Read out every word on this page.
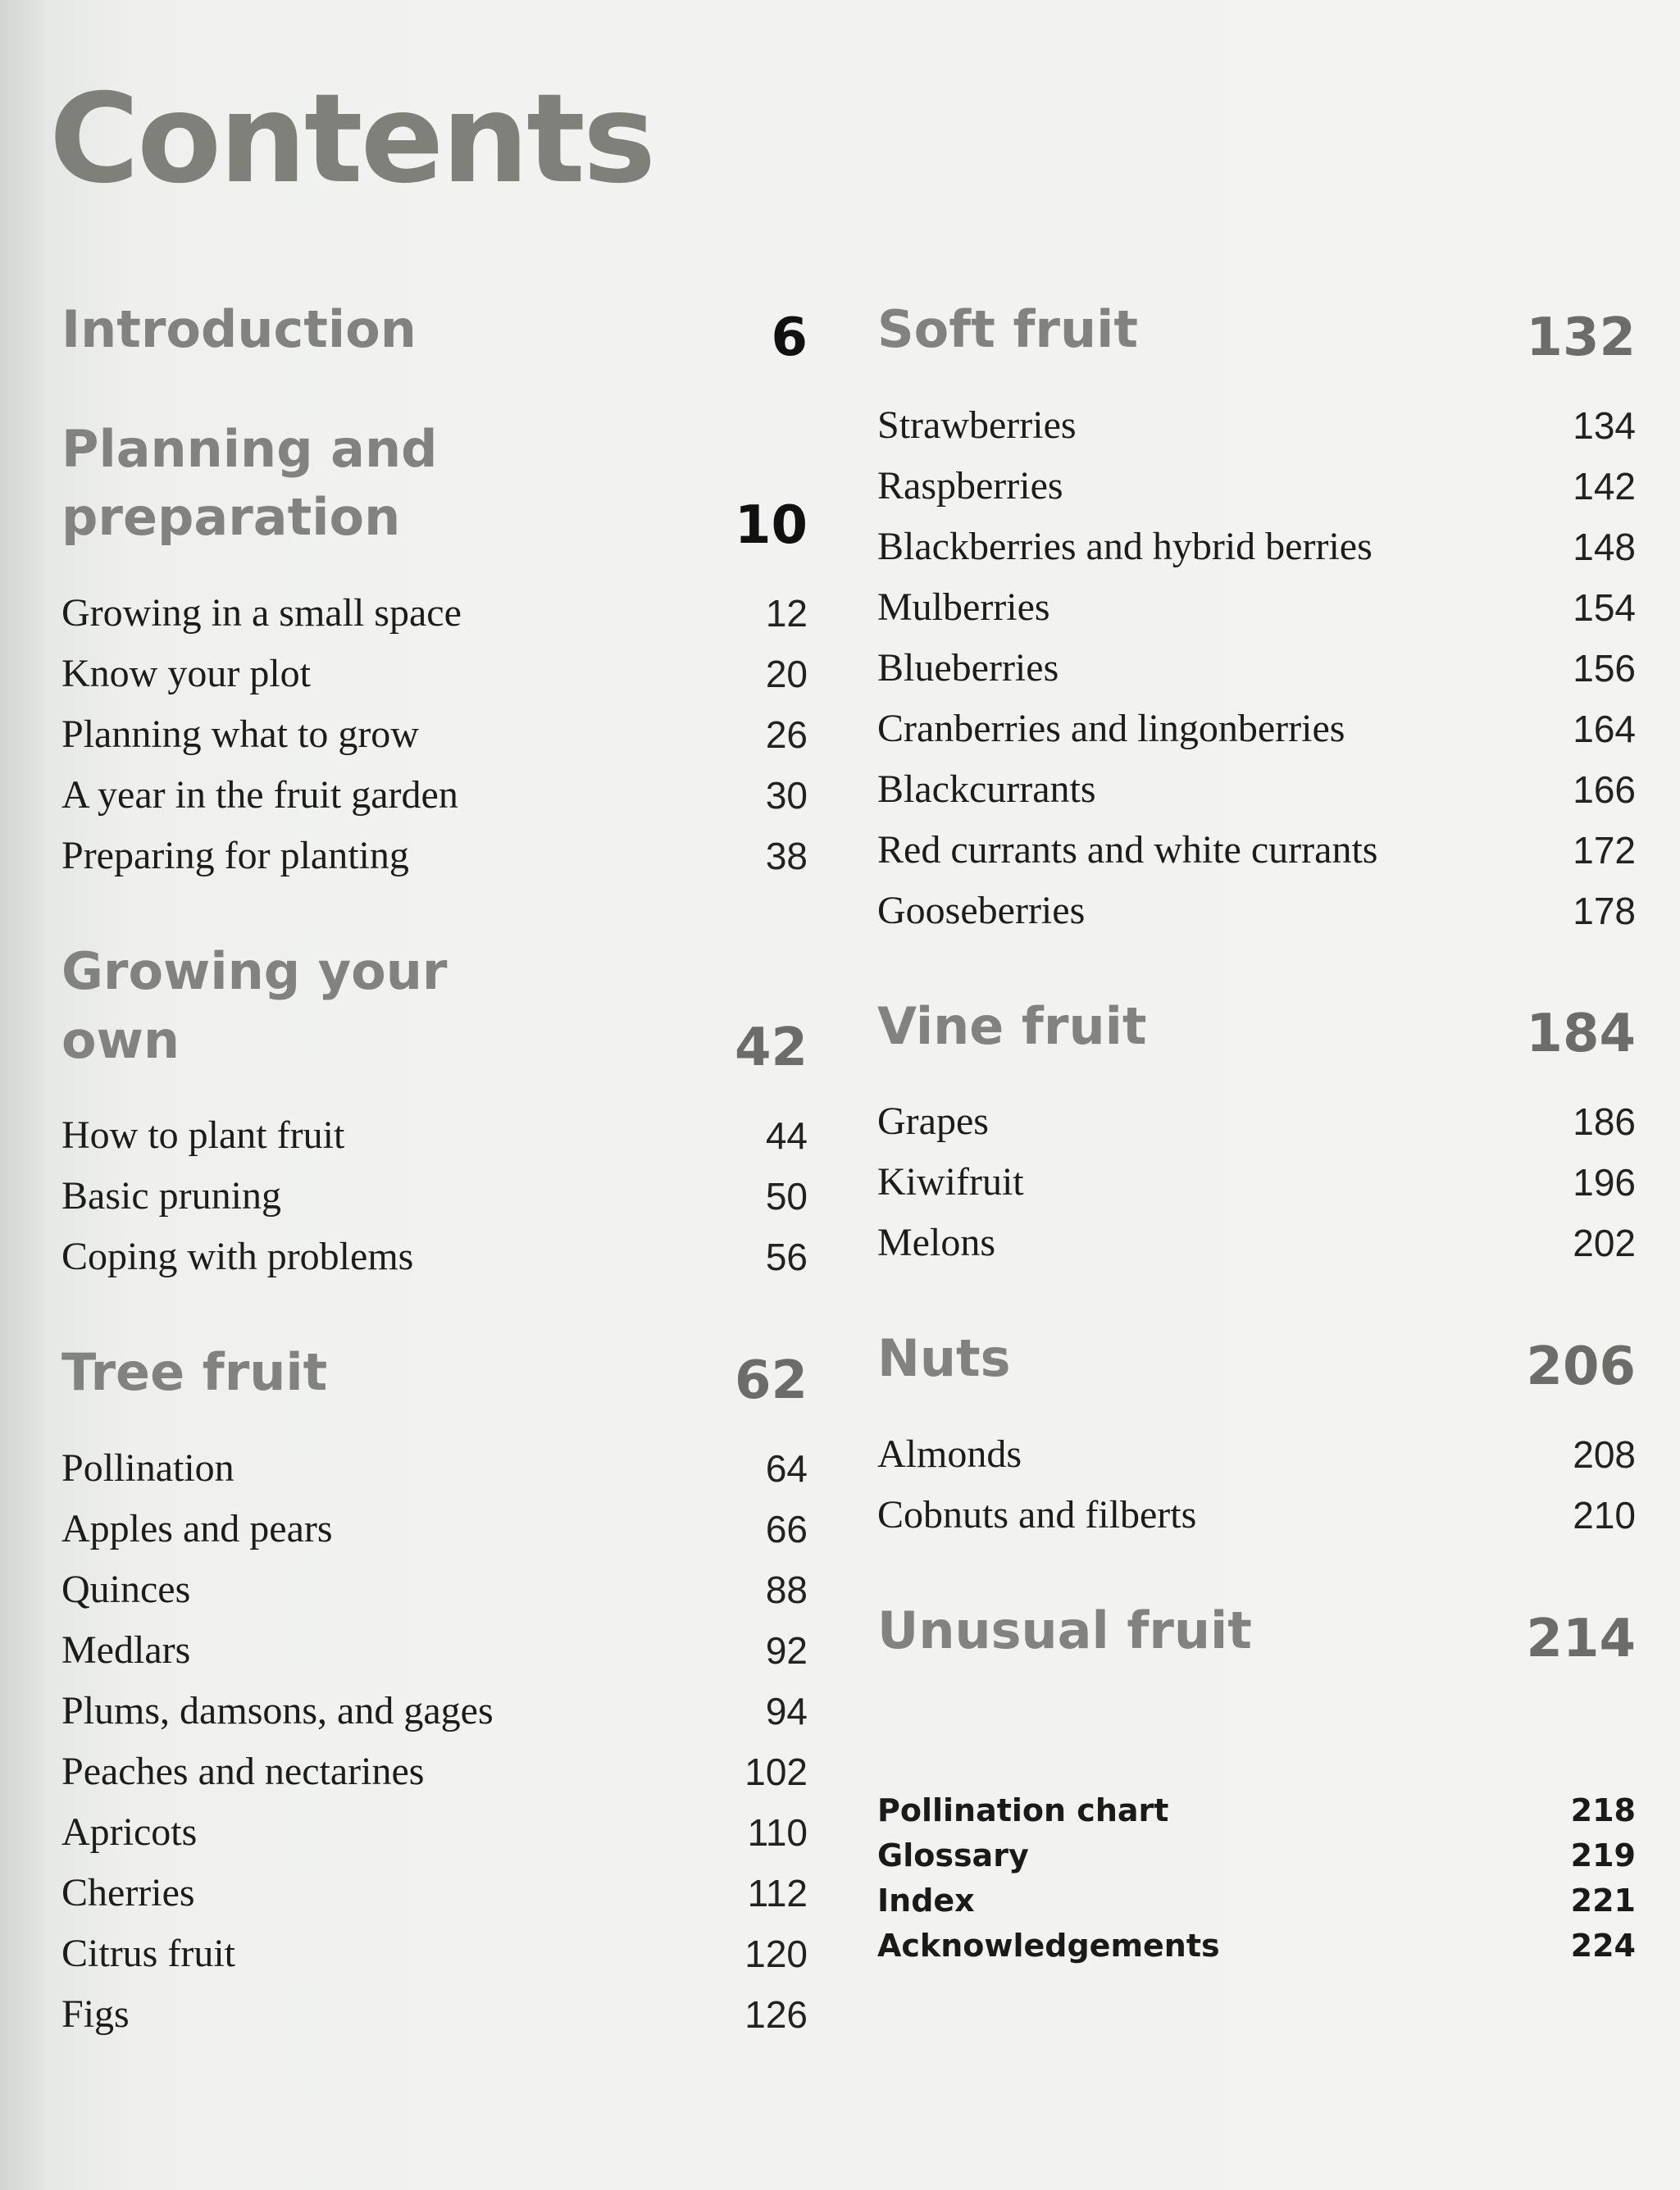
Contents
Introduction	6
Planning and preparation	10
Growing in a small space	12
Know your plot	20
Planning what to grow	26
A year in the fruit garden	30
Preparing for planting	38
Growing your own	42
How to plant fruit	44
Basic pruning	50
Coping with problems	56
Tree fruit	62
Pollination	64
Apples and pears	66
Quinces	88
Medlars	92
Plums, damsons, and gages	94
Peaches and nectarines	102
Apricots	110
Cherries	112
Citrus fruit	120
Figs	126
Soft fruit	132
Strawberries	134
Raspberries	142
Blackberries and hybrid berries	148
Mulberries	154
Blueberries	156
Cranberries and lingonberries	164
Blackcurrants	166
Red currants and white currants	172
Gooseberries	178
Vine fruit	184
Grapes	186
Kiwifruit	196
Melons	202
Nuts	206
Almonds	208
Cobnuts and filberts	210
Unusual fruit	214
Pollination chart	218
Glossary	219
Index	221
Acknowledgements	224
